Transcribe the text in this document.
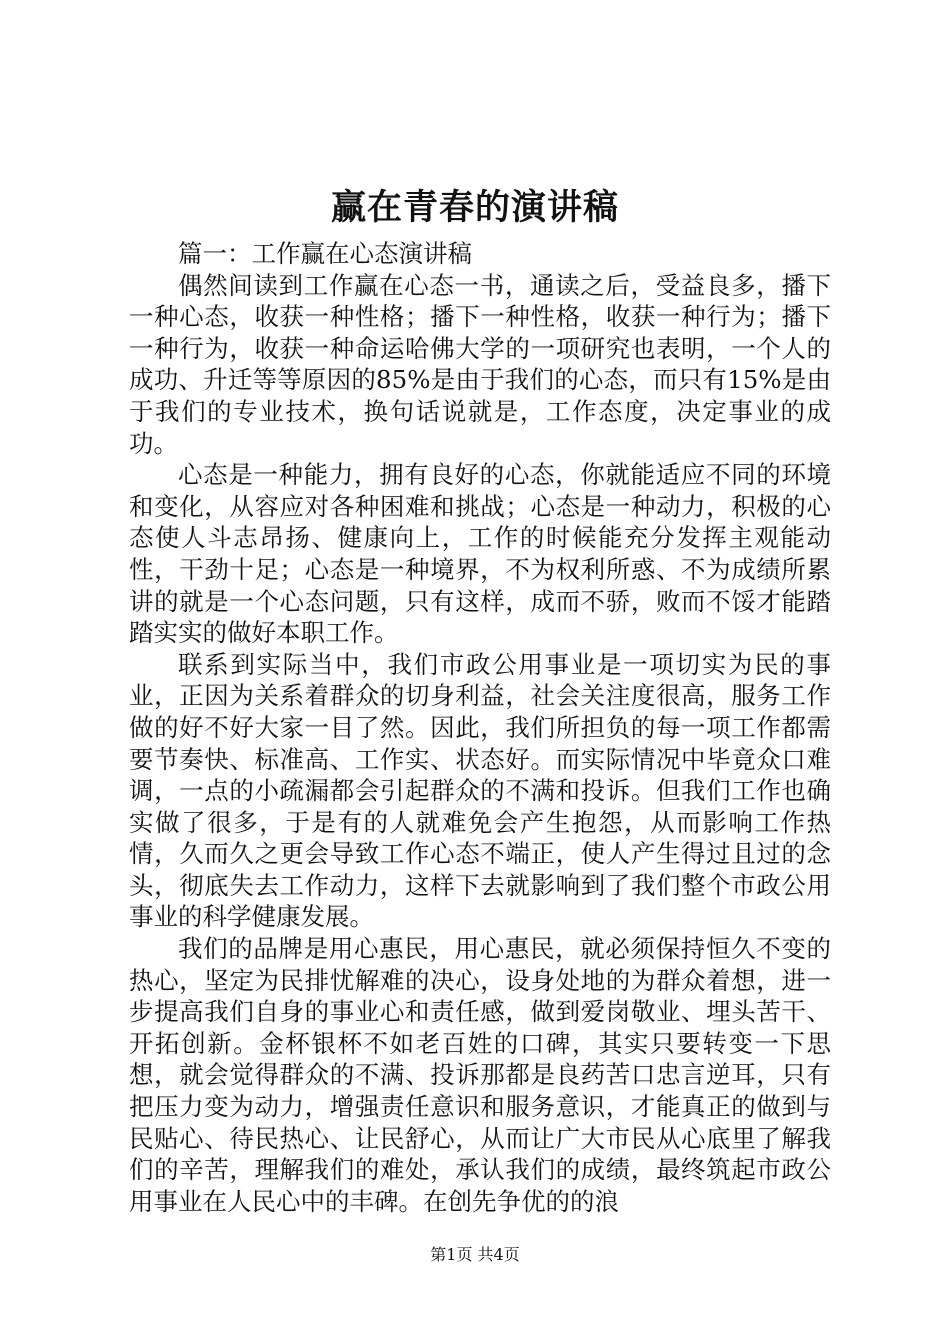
赢在青春的演讲稿

篇一：工作赢在心态演讲稿

偶然间读到工作赢在心态一书，通读之后，受益良多，播下一种心态，收获一种性格；播下一种性格，收获一种行为；播下一种行为，收获一种命运哈佛大学的一项研究也表明，一个人的成功、升迁等等原因的85%是由于我们的心态，而只有15%是由于我们的专业技术，换句话说就是，工作态度，决定事业的成功。

心态是一种能力，拥有良好的心态，你就能适应不同的环境和变化，从容应对各种困难和挑战；心态是一种动力，积极的心态使人斗志昂扬、健康向上，工作的时候能充分发挥主观能动性，干劲十足；心态是一种境界，不为权利所惑、不为成绩所累讲的就是一个心态问题，只有这样，成而不骄，败而不馁才能踏踏实实的做好本职工作。

联系到实际当中，我们市政公用事业是一项切实为民的事业，正因为关系着群众的切身利益，社会关注度很高，服务工作做的好不好大家一目了然。因此，我们所担负的每一项工作都需要节奏快、标准高、工作实、状态好。而实际情况中毕竟众口难调，一点的小疏漏都会引起群众的不满和投诉。但我们工作也确实做了很多，于是有的人就难免会产生抱怨，从而影响工作热情，久而久之更会导致工作心态不端正，使人产生得过且过的念头，彻底失去工作动力，这样下去就影响到了我们整个市政公用事业的科学健康发展。

我们的品牌是用心惠民，用心惠民，就必须保持恒久不变的热心，坚定为民排忧解难的决心，设身处地的为群众着想，进一步提高我们自身的事业心和责任感，做到爱岗敬业、埋头苦干、开拓创新。金杯银杯不如老百姓的口碑，其实只要转变一下思想，就会觉得群众的不满、投诉那都是良药苦口忠言逆耳，只有把压力变为动力，增强责任意识和服务意识，才能真正的做到与民贴心、待民热心、让民舒心，从而让广大市民从心底里了解我们的辛苦，理解我们的难处，承认我们的成绩，最终筑起市政公用事业在人民心中的丰碑。在创先争优的的浪

第1页 共4页
